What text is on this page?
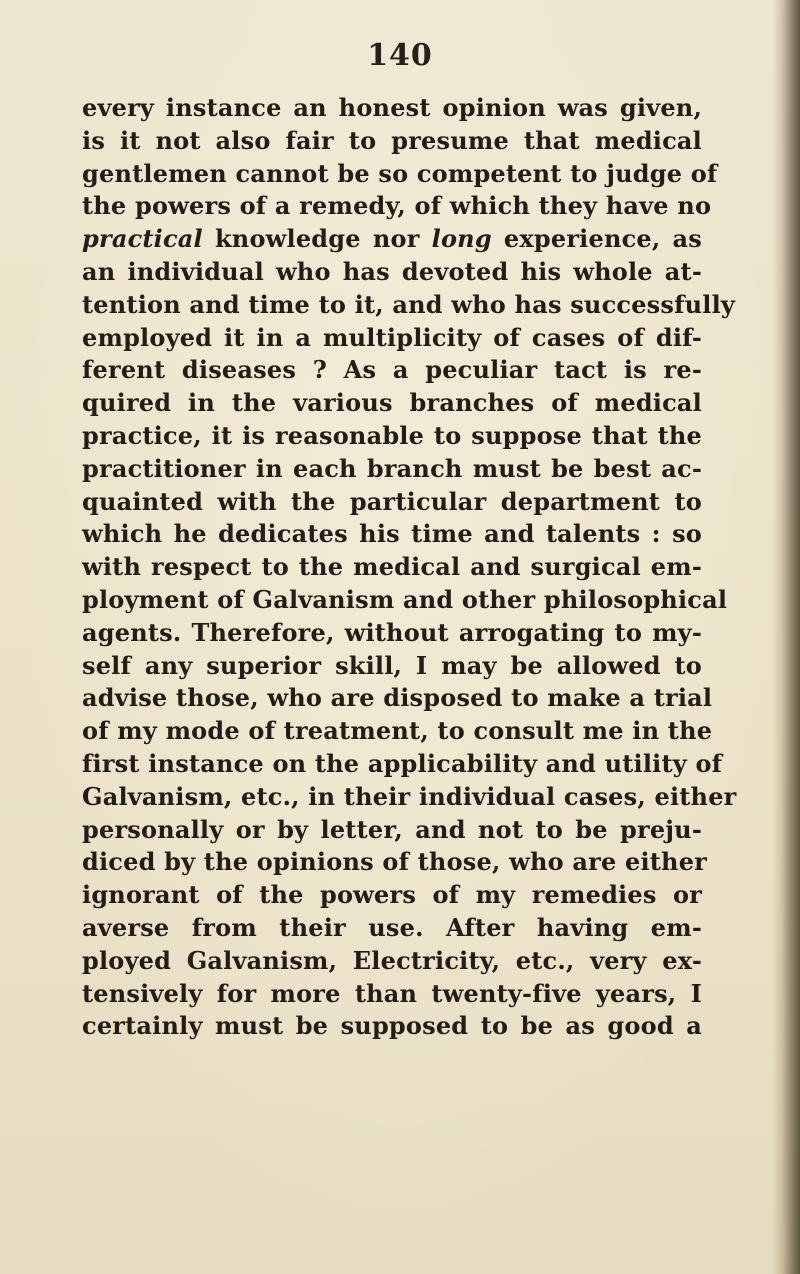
140
every instance an honest opinion was given,
is it not also fair to presume that medical
gentlemen cannot be so competent to judge of
the powers of a remedy, of which they have no
practical knowledge nor long experience, as
an individual who has devoted his whole at-
tention and time to it, and who has successfully
employed it in a multiplicity of cases of dif-
ferent diseases ? As a peculiar tact is re-
quired in the various branches of medical
practice, it is reasonable to suppose that the
practitioner in each branch must be best ac-
quainted with the particular department to
which he dedicates his time and talents : so
with respect to the medical and surgical em-
ployment of Galvanism and other philosophical
agents. Therefore, without arrogating to my-
self any superior skill, I may be allowed to
advise those, who are disposed to make a trial
of my mode of treatment, to consult me in the
first instance on the applicability and utility of
Galvanism, etc., in their individual cases, either
personally or by letter, and not to be preju-
diced by the opinions of those, who are either
ignorant of the powers of my remedies or
averse from their use. After having em-
ployed Galvanism, Electricity, etc., very ex-
tensively for more than twenty-five years, I
certainly must be supposed to be as good a
